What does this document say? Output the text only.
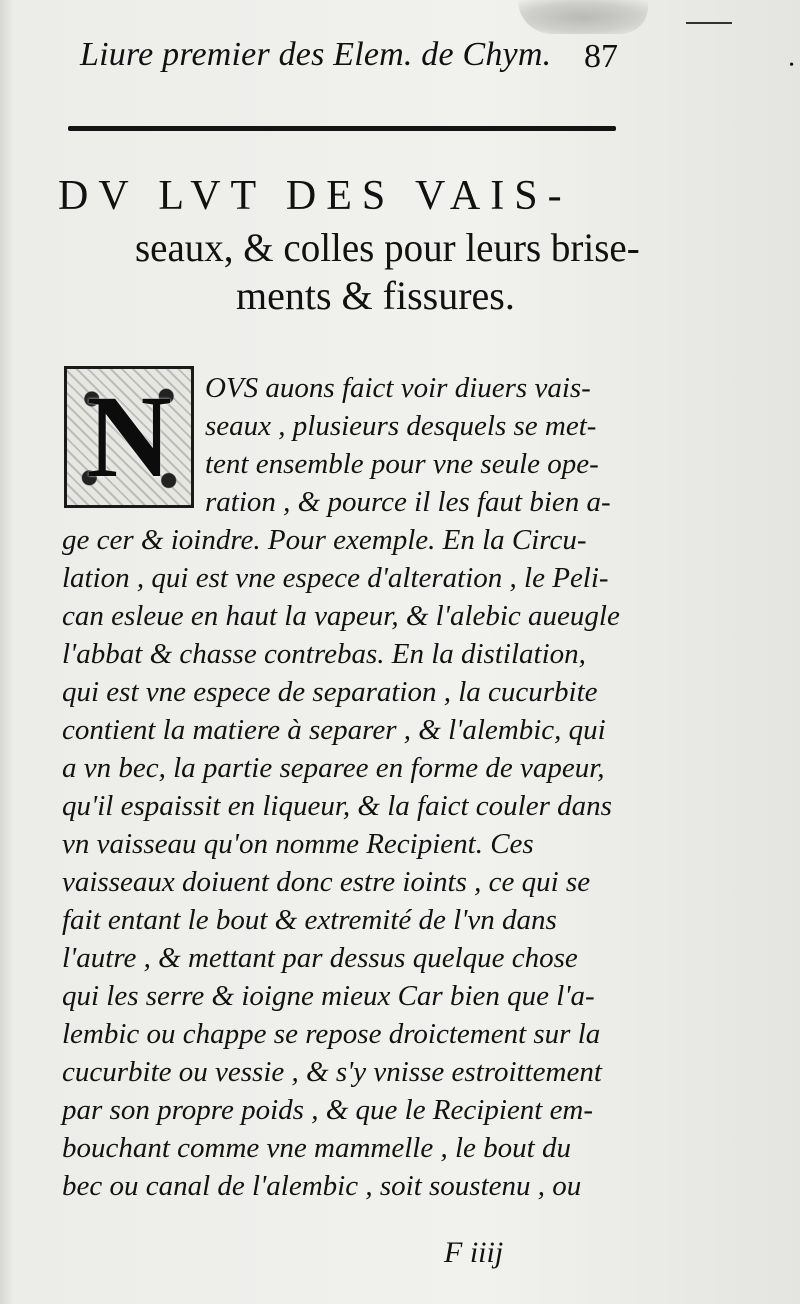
•
Liure premier des Elem. de Chym. 87
DV LVT DES VAIS-
seaux, & colles pour leurs brise-
ments & fissures.
N OVS auons faict voir diuers vais-
seaux , plusieurs desquels se met-
tent ensemble pour vne seule ope-
ration , & pource il les faut bien a-
ge cer & ioindre. Pour exemple. En la Circu-
lation , qui est vne espece d'alteration , le Peli-
can esleue en haut la vapeur, & l'alebic aueugle
l'abbat & chasse contrebas. En la distilation,
qui est vne espece de separation , la cucurbite
contient la matiere à separer , & l'alembic, qui
a vn bec, la partie separee en forme de vapeur,
qu'il espaissit en liqueur, & la faict couler dans
vn vaisseau qu'on nomme Recipient. Ces
vaisseaux doiuent donc estre ioints , ce qui se
fait entant le bout & extremité de l'vn dans
l'autre , & mettant par dessus quelque chose
qui les serre & ioigne mieux Car bien que l'a-
lembic ou chappe se repose droictement sur la
cucurbite ou vessie , & s'y vnisse estroittement
par son propre poids , & que le Recipient em-
bouchant comme vne mammelle , le bout du
bec ou canal de l'alembic , soit soustenu , ou
F iiij
